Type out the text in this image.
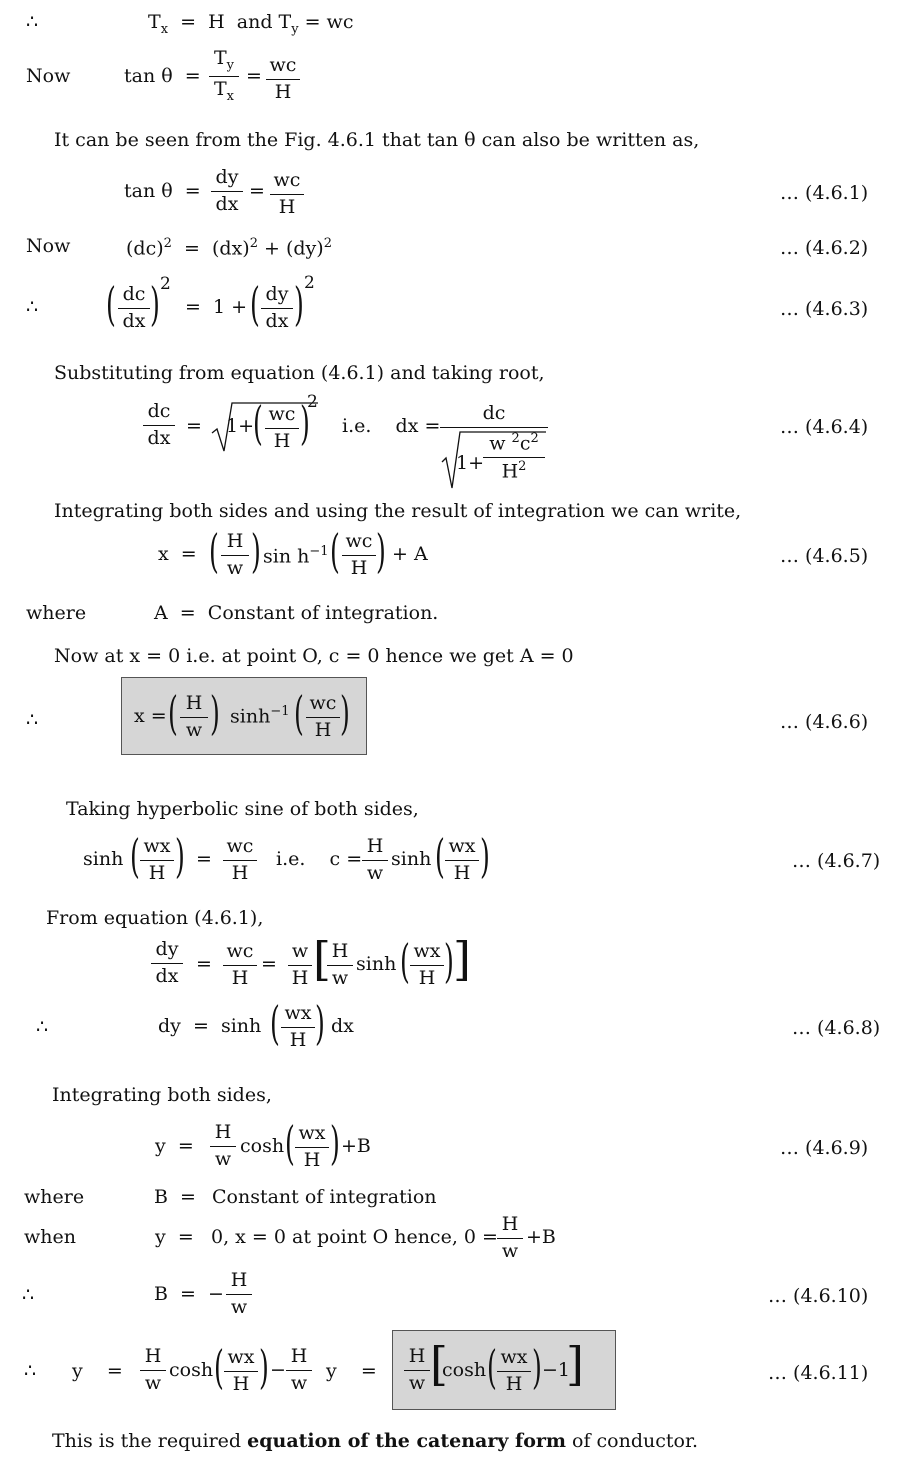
∴	$T_x = H$  and $T_y$ = wc
Now	tan θ  =
$T_y$
$T_x$
= wc
H
It can be seen from the Fig. 4.6.1 that tan θ can also be written as,
tan θ  =
dy
dx
= wc
H
… (4.6.1)
Now	(dc)$^2$  =  (dx)$^2$ + (dy)$^2$	… (4.6.2)
∴ ( dc
dx ) 2
=  1 + ( dy
dx ) 2
… (4.6.3)
Substituting from equation (4.6.1) and taking root,
dc
dx
= 1+ ( wc
H )
2
i.e.    dx =
dc
1+
w $^2c^2$
$H^2$
… (4.6.4)
Integrating both sides and using the result of integration we can write,
x  = ( H
w ) $\sin h^{-1}$ ( wc
H ) + A	… (4.6.5)
where	A  =  Constant of integration.
Now at x = 0 i.e. at point O, c = 0 hence we get A = 0
∴	x = ( H
w ) $\sinh^{-1}$ ( wc
H )	… (4.6.6)
Taking hyperbolic sine of both sides,
sinh ( wx
H ) =
wc
H
i.e.    c =
H
w
sinh ( wx
H )	… (4.6.7)
From equation (4.6.1),
dy
dx
=
wc
H
=
w
H [ H
w
sinh ( wx
H ) ]
∴	dy  =  sinh ( wx
H ) dx	… (4.6.8)
Integrating both sides,
y  =
H
w
cosh ( wx
H ) +B	… (4.6.9)
where	B  = Constant of integration
when	y  = 0, x = 0 at point O hence, 0 =
H
w
+B
∴	B  =  −
H
w	… (4.6.10)
∴ y    =
H
w
cosh ( wx
H ) −
H
w
y    =
H
w [
cosh ( wx
H ) −1
]	… (4.6.11)
This is the required equation of the catenary form of conductor.
